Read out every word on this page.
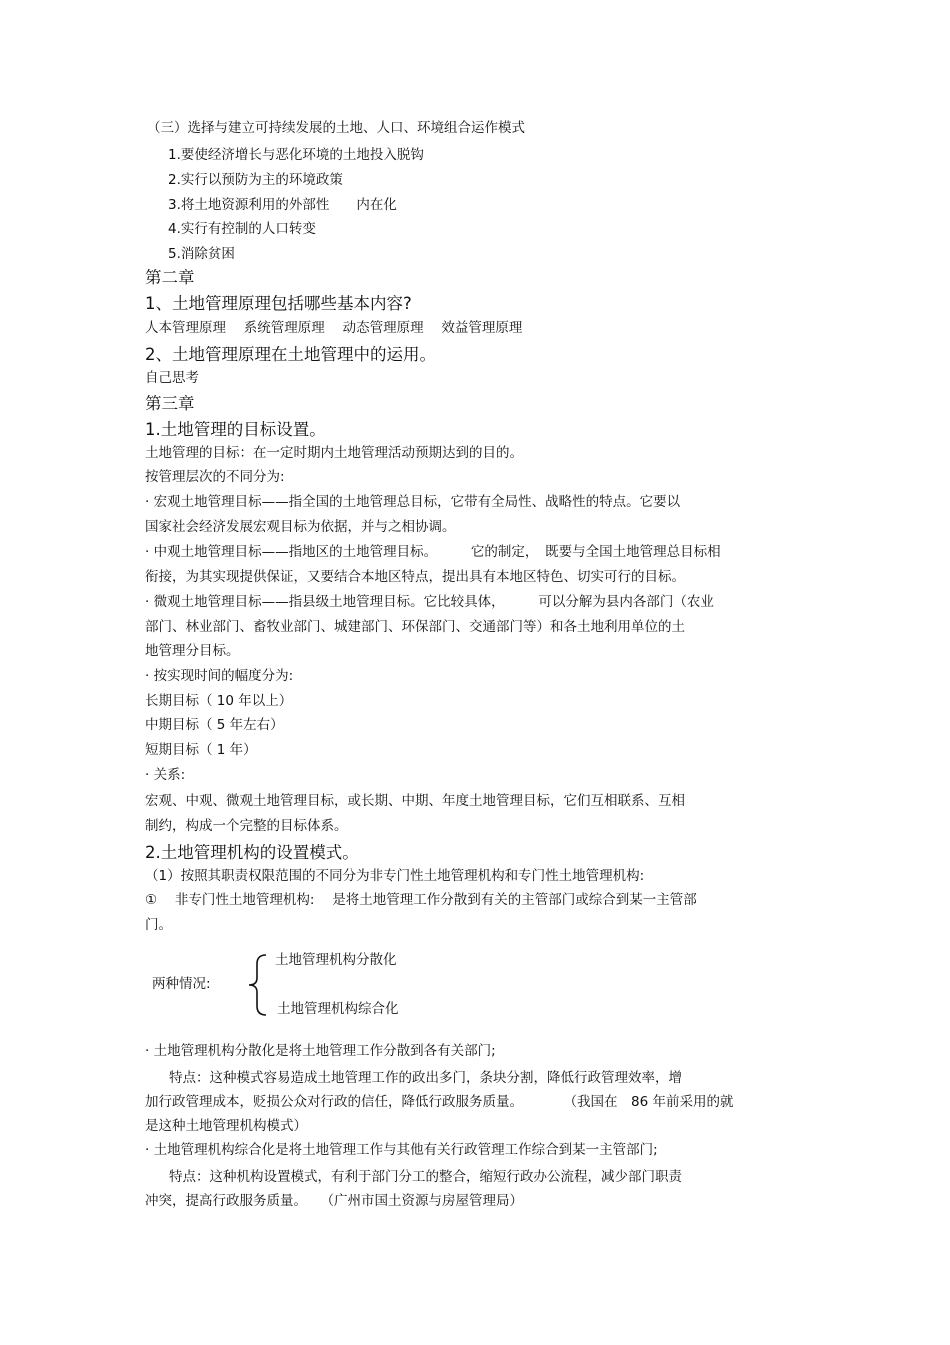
（三）选择与建立可持续发展的土地、人口、环境组合运作模式
1.要使经济增长与恶化环境的土地投入脱钩
2.实行以预防为主的环境政策
3.将土地资源利用的外部性　　内在化
4.实行有控制的人口转变
5.消除贫困
第二章
1、土地管理原理包括哪些基本内容?
人本管理原理　 系统管理原理　 动态管理原理　 效益管理原理
2、土地管理原理在土地管理中的运用。
自己思考
第三章
1.土地管理的目标设置。
土地管理的目标：在一定时期内土地管理活动预期达到的目的。
按管理层次的不同分为:
· 宏观土地管理目标——指全国的土地管理总目标，它带有全局性、战略性的特点。它要以
国家社会经济发展宏观目标为依据，并与之相协调。
· 中观土地管理目标——指地区的土地管理目标。　　　它的制定，　既要与全国土地管理总目标相
衔接，为其实现提供保证，又要结合本地区特点，提出具有本地区特色、切实可行的目标。
· 微观土地管理目标——指县级土地管理目标。它比较具体，　　　可以分解为县内各部门（农业
部门、林业部门、畜牧业部门、城建部门、环保部门、交通部门等）和各土地利用单位的土
地管理分目标。
· 按实现时间的幅度分为:
长期目标（ 10 年以上）
中期目标（ 5 年左右）
短期目标（ 1 年）
· 关系:
宏观、中观、微观土地管理目标，或长期、中期、年度土地管理目标，它们互相联系、互相
制约，构成一个完整的目标体系。
2.土地管理机构的设置模式。
（1）按照其职责权限范围的不同分为非专门性土地管理机构和专门性土地管理机构:
①　 非专门性土地管理机构:　 是将土地管理工作分散到有关的主管部门或综合到某一主管部
门。
两种情况:
土地管理机构分散化
土地管理机构综合化
· 土地管理机构分散化是将土地管理工作分散到各有关部门;
特点：这种模式容易造成土地管理工作的政出多门，条块分割，降低行政管理效率，增
加行政管理成本，贬损公众对行政的信任，降低行政服务质量。　　　　（我国在　86 年前采用的就
是这种土地管理机构模式）
· 土地管理机构综合化是将土地管理工作与其他有关行政管理工作综合到某一主管部门;
特点：这种机构设置模式，有利于部门分工的整合，缩短行政办公流程，减少部门职责
冲突，提高行政服务质量。　　（广州市国土资源与房屋管理局）
